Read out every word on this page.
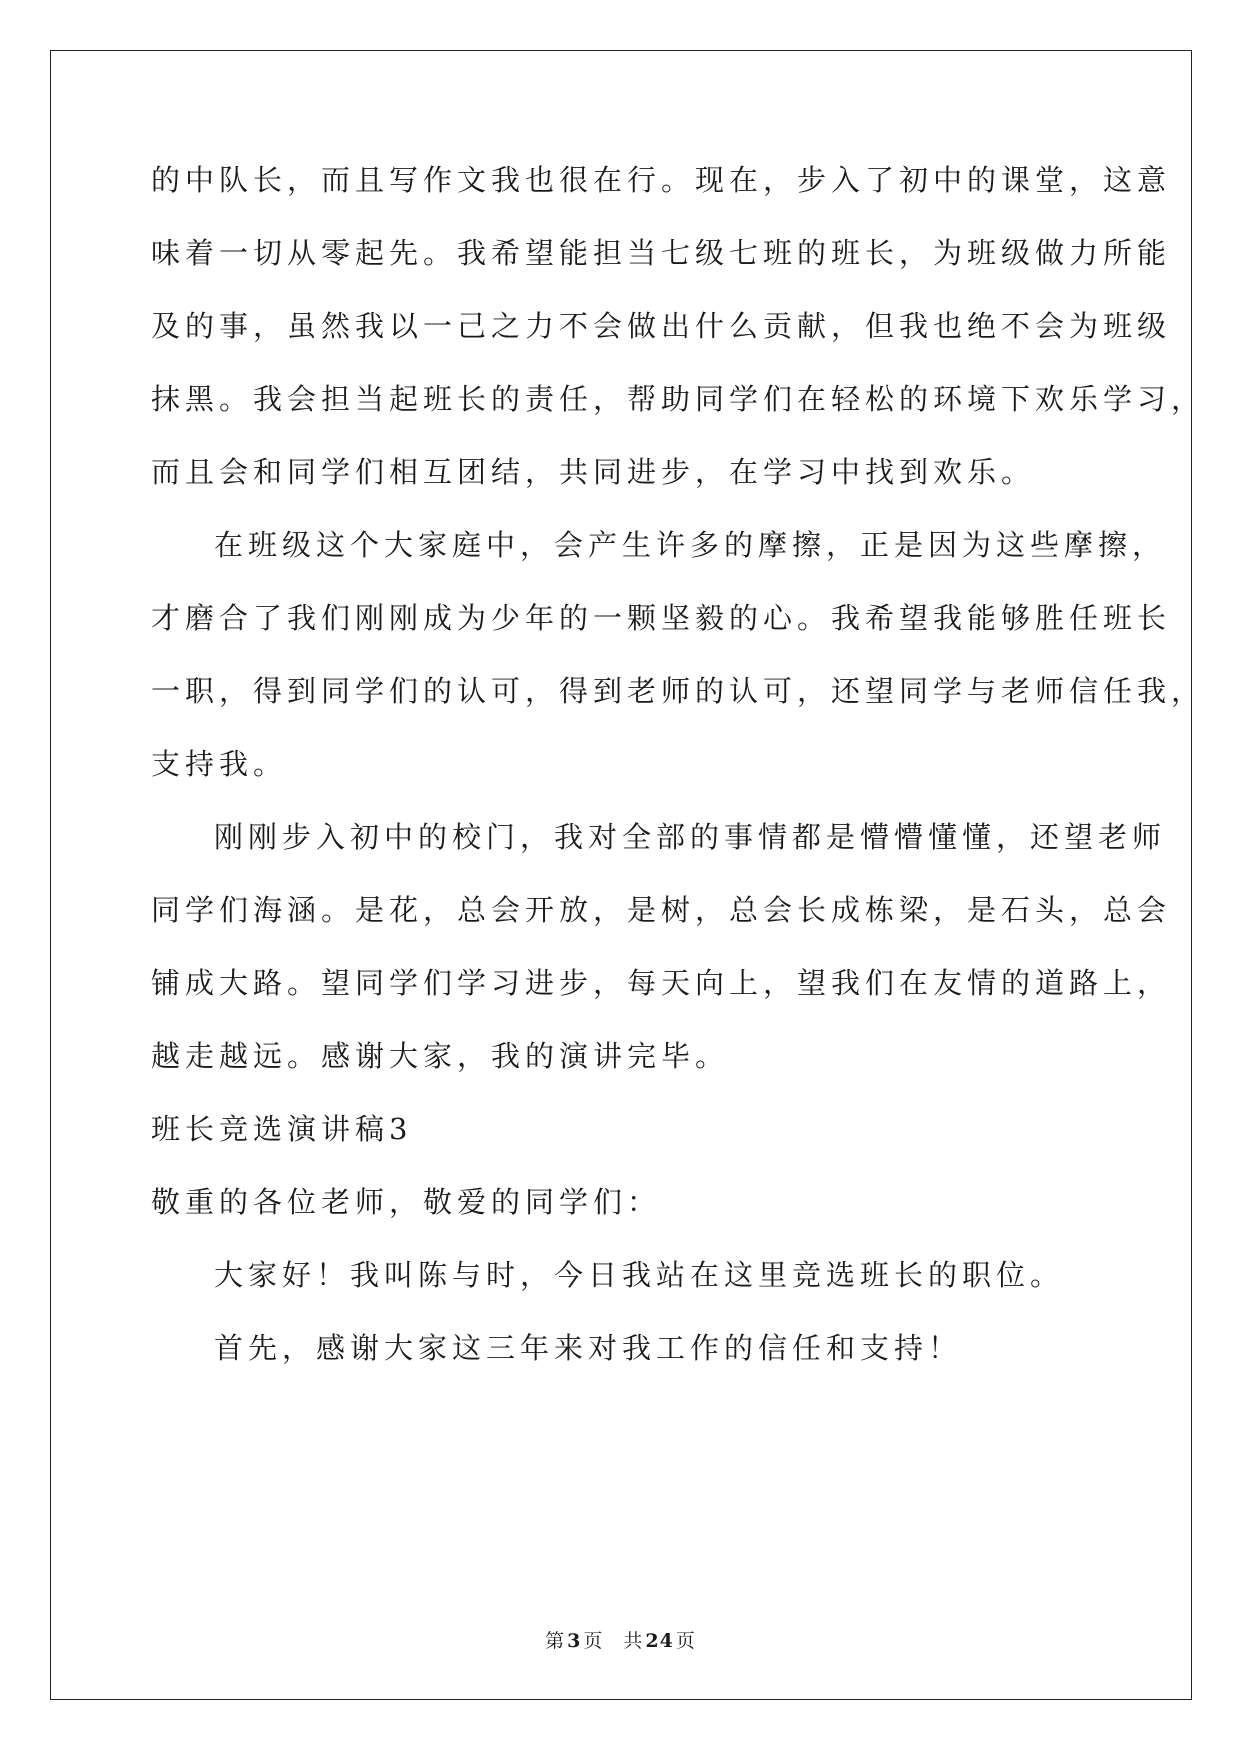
的中队长，而且写作文我也很在行。现在，步入了初中的课堂，这意
味着一切从零起先。我希望能担当七级七班的班长，为班级做力所能
及的事，虽然我以一己之力不会做出什么贡献，但我也绝不会为班级
抹黑。我会担当起班长的责任，帮助同学们在轻松的环境下欢乐学习，
而且会和同学们相互团结，共同进步，在学习中找到欢乐。
在班级这个大家庭中，会产生许多的摩擦，正是因为这些摩擦，
才磨合了我们刚刚成为少年的一颗坚毅的心。我希望我能够胜任班长
一职，得到同学们的认可，得到老师的认可，还望同学与老师信任我，
支持我。
刚刚步入初中的校门，我对全部的事情都是懵懵懂懂，还望老师
同学们海涵。是花，总会开放，是树，总会长成栋梁，是石头，总会
铺成大路。望同学们学习进步，每天向上，望我们在友情的道路上，
越走越远。感谢大家，我的演讲完毕。
班长竞选演讲稿3
敬重的各位老师，敬爱的同学们：
大家好！我叫陈与时，今日我站在这里竞选班长的职位。
首先，感谢大家这三年来对我工作的信任和支持！
第 3 页 共 24 页
